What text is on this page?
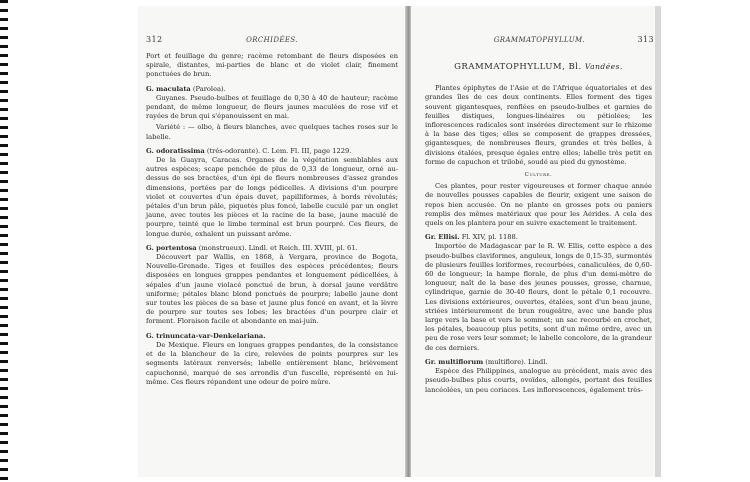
312	ORCHIDÉES.

Port et feuillage du genre; racème retombant de fleurs disposées en spirale, distantes, mi-parties de blanc et de violet clair, finement ponctuées de brun.

G. maculata (Parolea).

Guyanes. Pseudo-bulbes et feuillage de 0,30 à 40 de hauteur; racème pendant, de même longueur, de fleurs jaunes maculées de rose vif et rayées de brun qui s'épanouissent en mai.

Variété : — olbo, à fleurs blanches, avec quelques taches roses sur le labelle.

G. odoratissima (trés-odorante). C. Lem. Fl. III, page 1229.

De la Guayra, Caracas. Organes de la végétation semblables aux autres espèces; scape penchée de plus de 0,33 de longueur, orné au-dessus de ses bractées, d'un épi de fleurs nombreuses d'assez grandes dimensions, portées par de longs pédicelles. A divisions d'un pourpre violet et couvertes d'un épais duvet, papilliformes, à bords révolutés; pétales d'un brun pâle, piquetés plus foncé, labelle cuculé par un onglet jaune, avec toutes les pièces et la racine de la base, jaune maculé de pourpre, teinté que le limbe terminal est brun pourpré. Ces fleurs, de longue durée, exhalent un puissant arôme.

G. portentosa (monstrueux). Lindl. et Reich. III. XVIII, pl. 61.

Découvert par Wallis, en 1868, à Vergara, province de Bogota, Nouvelle-Grenade. Tiges et feuilles des espèces précédentes; fleurs disposées en longues grappes pendantes et longuement pédicellées, à sépales d'un jaune violacé ponctué de brun, à dorsal jaune verdâtre uniforme; pétales blanc blond ponctués de pourpre; labelle jaune dont sur toutes les pièces de sa base et jaune plus foncé en avant, et la lèvre de pourpre sur toutes ses lobes; les bractées d'un pourpre clair et forment. Floraison facile et abondante en mai-juin.

G. trinuncata-var-Denkelariana.

De Mexique. Fleurs en longues grappes pendantes, de la consistance et de la blancheur de la cire, relevées de points pourpres sur les segments latéraux renversés; labelle entièrement blanc, brièvement capuchonné, marqué de ses arrondis d'un fuscelle, représenté en lui-même. Ces fleurs répandent une odeur de poire mûre.

GRAMMATOPHYLLUM.	313
GRAMMATOPHYLLUM, Bl. Vandées.

Plantes épiphytes de l'Asie et de l'Afrique équatoriales et des grandes îles de ces deux continents. Elles forment des tiges souvent gigantesques, renflées en pseudo-bulbes et garnies de feuilles distiques, longues-linéaires ou pétiolées; les inflorescences radicales sont insérées directement sur le rhizome à la base des tiges; elles se composent de grappes dressées, gigantesques, de nombreuses fleurs, grandes et très belles, à divisions étalées, presque égales entre elles; labelle très petit en forme de capuchon et trilobé, soudé au pied du gynostème.

Culture.

Ces plantes, pour rester vigoureuses et former chaque année de nouvelles pousses capables de fleurir, exigent une saison de repos bien accusée. On ne plante en grosses pots ou paniers remplis des mêmes matériaux que pour les Aérides. A cela des quels on les plantera pour en suivre exactement le traitement.

Gr. Ellisi. Fl. XIV, pl. 1188.

Importée de Madagascar par le R. W. Ellis, cette espèce a des pseudo-bulbes claviformes, anguleux, longs de 0,15-35, surmontés de plusieurs feuilles loriformes, recourbées, canaliculées, de 0,60-60 de longueur; la hampe florale, de plus d'un demi-mètre de longueur, naît de la base des jeunes pousses, grosse, charnue, cylindrique, garnie de 30-40 fleurs, dont le pétale 0,1 recouvre. Les divisions extérieures, ouvertes, étalées, sont d'un beau jaune, striées intérieurement de brun rougeâtre, avec une bande plus large vers la base et vers le sommet; un sac recourbé en crochet, les pétales, beaucoup plus petits, sont d'un même ordre, avec un peu de rose vers leur sommet; le labelle concolore, de la grandeur de ces derniers.

Gr. multiflorum (multiflore). Lindl.

Espèce des Philippines, analogue au précédent, mais avec des pseudo-bulbes plus courts, ovoïdes, allongés, portant des feuilles lancéolées, un peu coriaces. Les inflorescences, également très-
